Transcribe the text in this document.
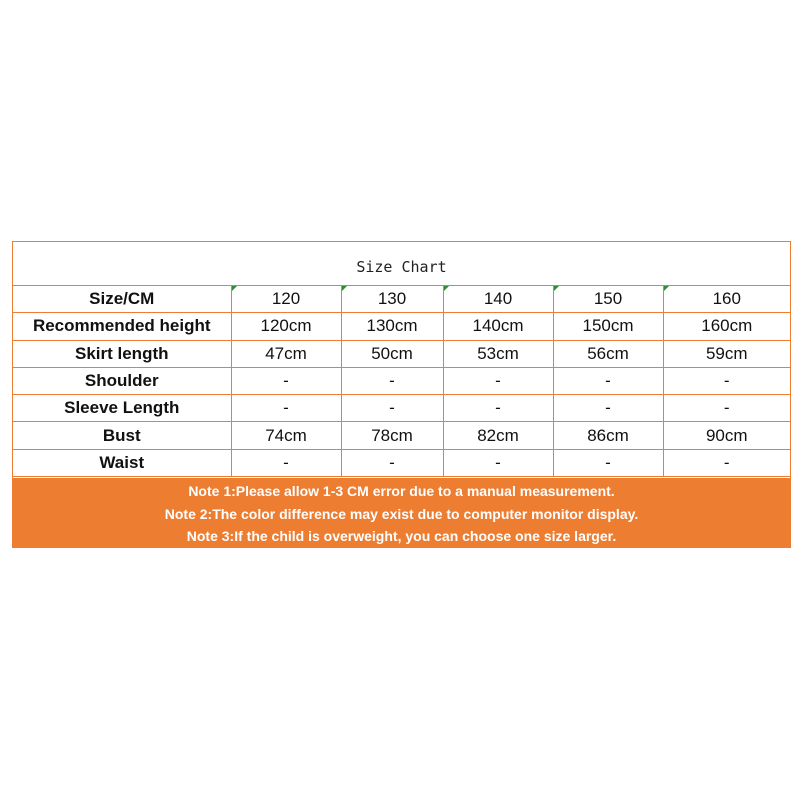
Size Chart
Size/CM	120	130	140	150	160
Recommended height	120cm	130cm	140cm	150cm	160cm
Skirt length	47cm	50cm	53cm	56cm	59cm
Shoulder	-	-	-	-	-
Sleeve Length	-	-	-	-	-
Bust	74cm	78cm	82cm	86cm	90cm
Waist	-	-	-	-	-
Note 1:Please allow 1-3 CM error due to a manual measurement.
Note 2:The color difference may exist due to computer monitor display.
Note 3:If the child is overweight, you can choose one size larger.
